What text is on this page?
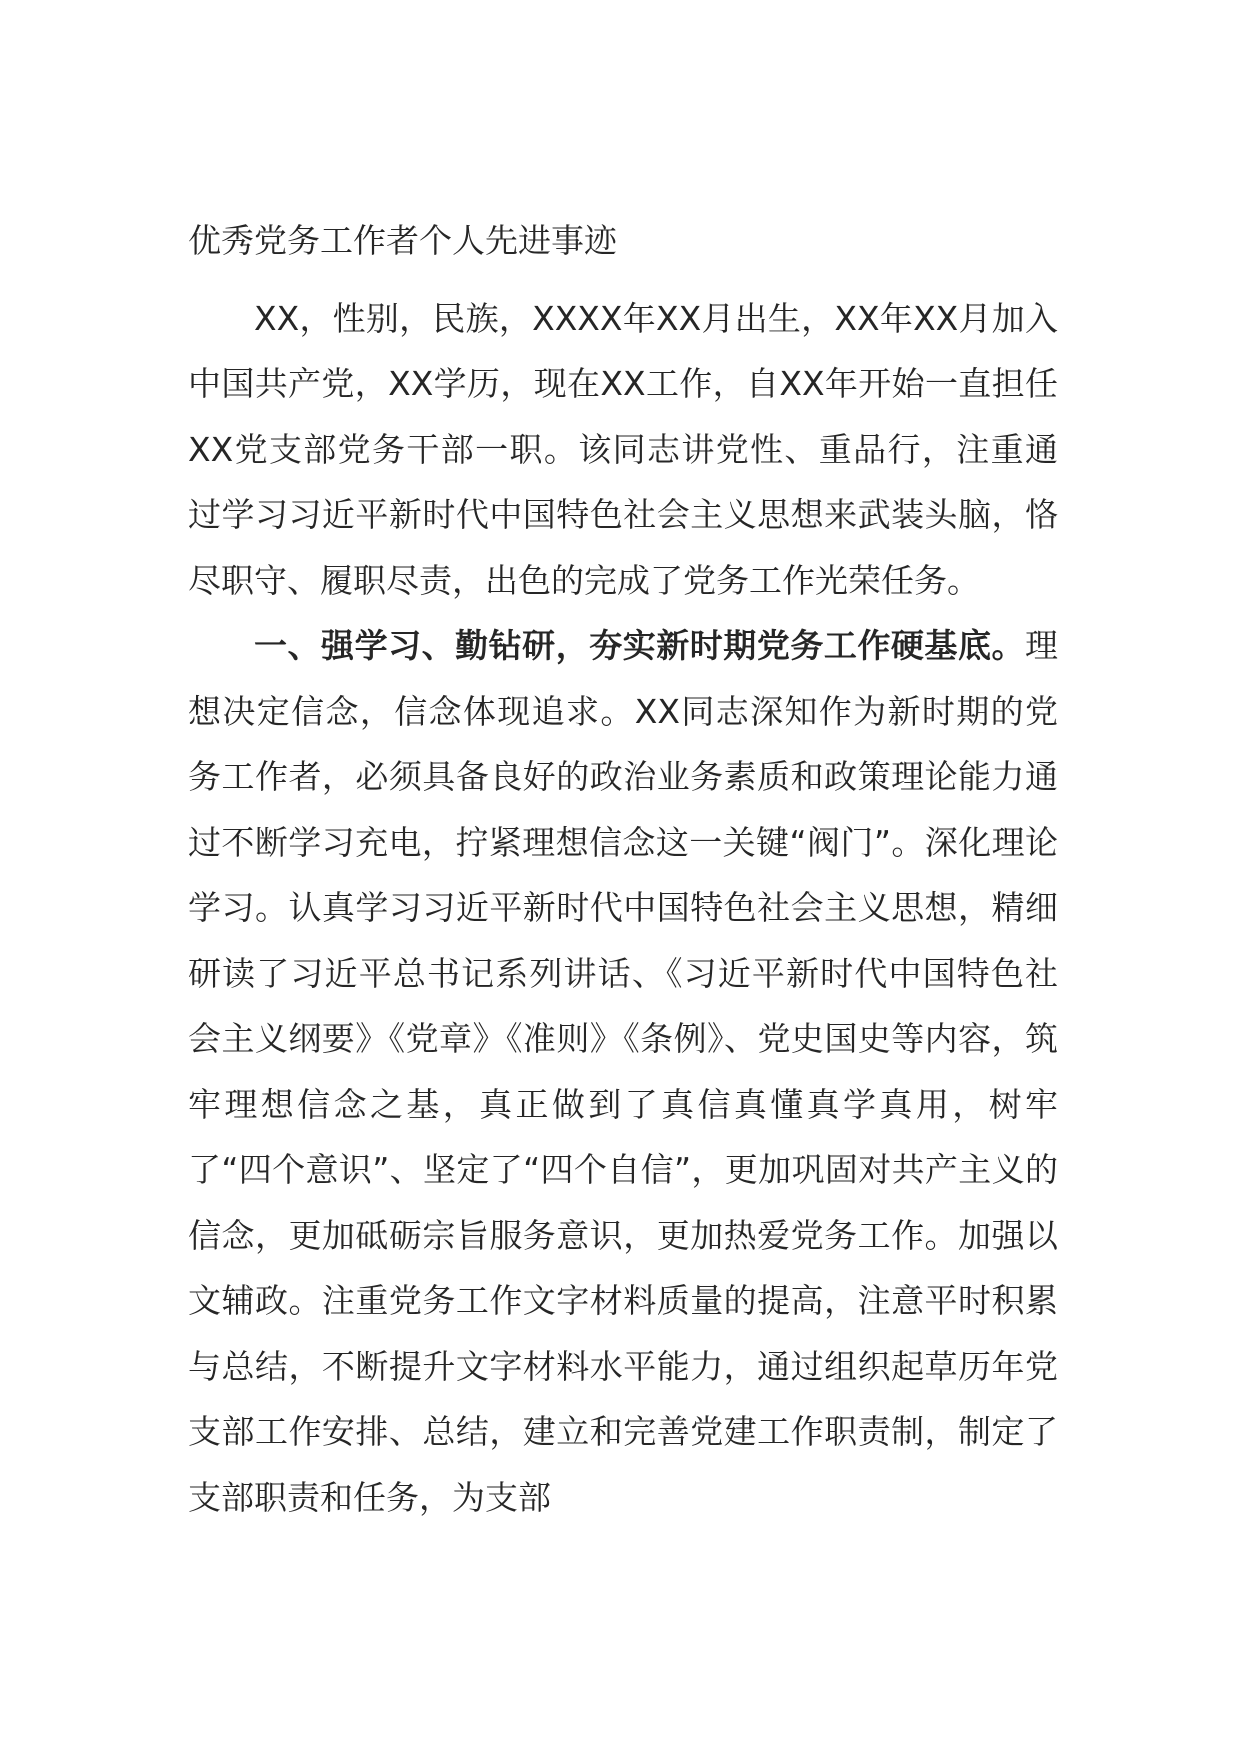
优秀党务工作者个人先进事迹

XX，性别，民族，XXXX年XX月出生，XX年XX月加入中国共产党，XX学历，现在XX工作，自XX年开始一直担任XX党支部党务干部一职。该同志讲党性、重品行，注重通过学习习近平新时代中国特色社会主义思想来武装头脑，恪尽职守、履职尽责，出色的完成了党务工作光荣任务。

一、强学习、勤钻研，夯实新时期党务工作硬基底。理想决定信念，信念体现追求。XX同志深知作为新时期的党务工作者，必须具备良好的政治业务素质和政策理论能力通过不断学习充电，拧紧理想信念这一关键“阀门”。深化理论学习。认真学习习近平新时代中国特色社会主义思想，精细研读了习近平总书记系列讲话、《习近平新时代中国特色社会主义纲要》《党章》《准则》《条例》、党史国史等内容，筑牢理想信念之基，真正做到了真信真懂真学真用，树牢了“四个意识”、坚定了“四个自信”，更加巩固对共产主义的信念，更加砥砺宗旨服务意识，更加热爱党务工作。加强以文辅政。注重党务工作文字材料质量的提高，注意平时积累与总结，不断提升文字材料水平能力，通过组织起草历年党支部工作安排、总结，建立和完善党建工作职责制，制定了支部职责和任务，为支部
